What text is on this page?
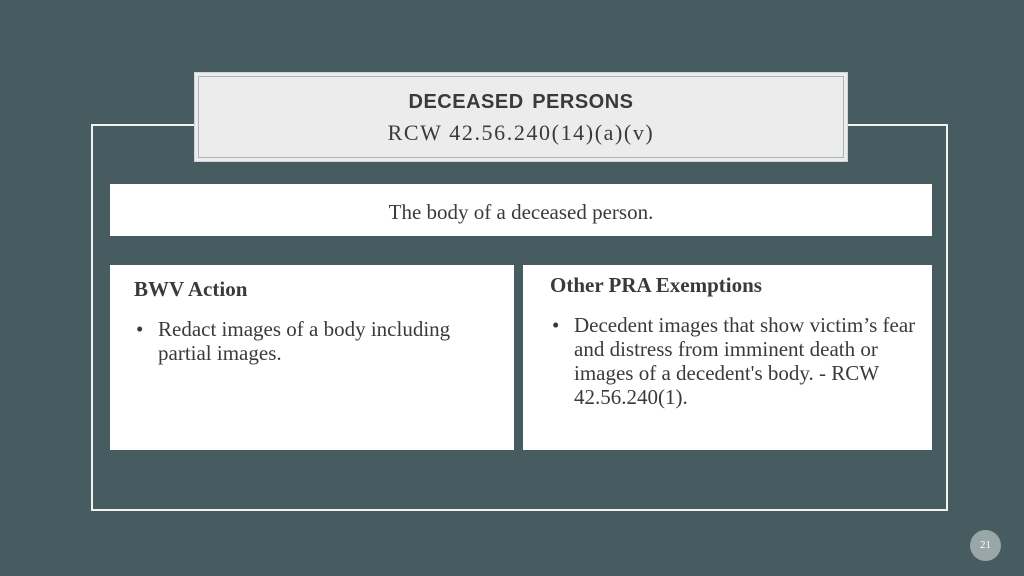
deceased persons
RCW 42.56.240(14)(a)(v)
The body of a deceased person.
BWV Action
• Redact images of a body including partial images.
Other PRA Exemptions
• Decedent images that show victim’s fear and distress from imminent death or images of a decedent's body. - RCW 42.56.240(1).
21
